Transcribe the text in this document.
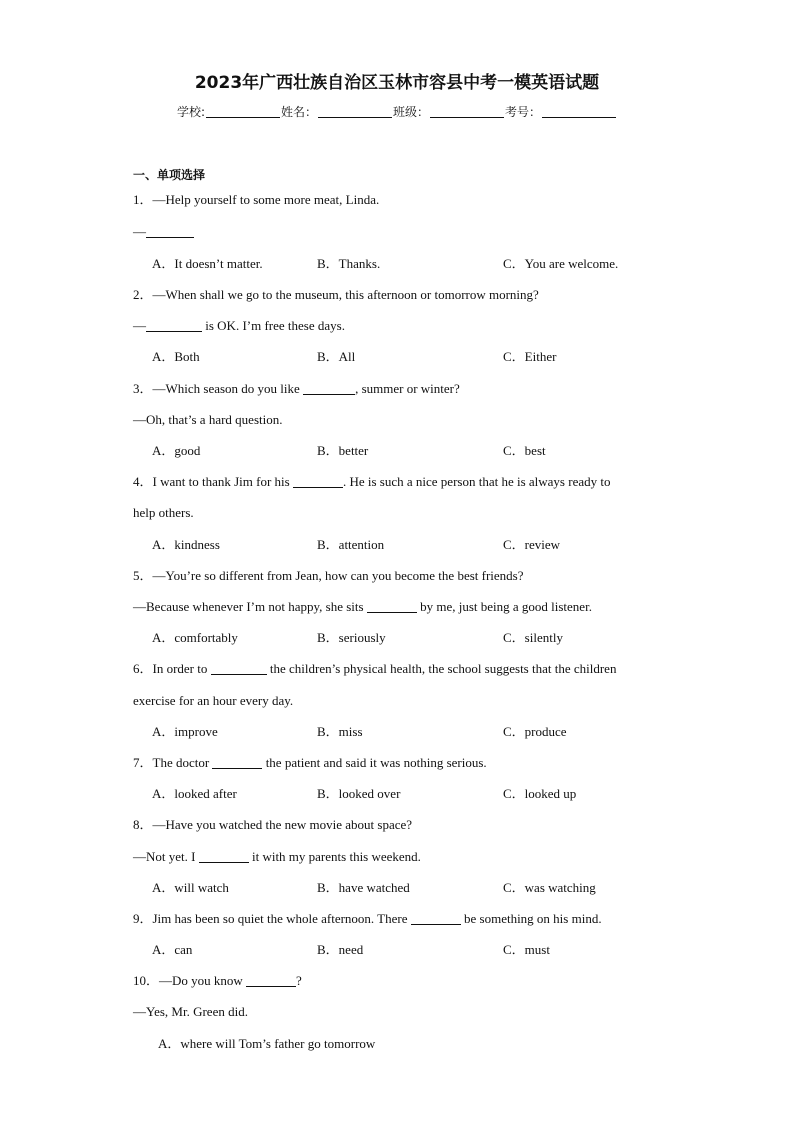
2023年广西壮族自治区玉林市容县中考一模英语试题
学校:	姓名：	班级：	考号：
一、单项选择
1．—Help yourself to some more meat, Linda.
—
A．It doesn’t matter.	B．Thanks.	C．You are welcome.
2．—When shall we go to the museum, this afternoon or tomorrow morning?
—	is OK. I’m free these days.
A．Both	B．All	C．Either
3．—Which season do you like	, summer or winter?
—Oh, that’s a hard question.
A．good	B．better	C．best
4．I want to thank Jim for his	. He is such a nice person that he is always ready to
help others.
A．kindness	B．attention	C．review
5．—You’re so different from Jean, how can you become the best friends?
—Because whenever I’m not happy, she sits	by me, just being a good listener.
A．comfortably	B．seriously	C．silently
6．In order to	the children’s physical health, the school suggests that the children
exercise for an hour every day.
A．improve	B．miss	C．produce
7．The doctor	the patient and said it was nothing serious.
A．looked after	B．looked over	C．looked up
8．—Have you watched the new movie about space?
—Not yet. I	it with my parents this weekend.
A．will watch	B．have watched	C．was watching
9．Jim has been so quiet the whole afternoon. There	be something on his mind.
A．can	B．need	C．must
10．—Do you know	?
—Yes, Mr. Green did.
A．where will Tom’s father go tomorrow
